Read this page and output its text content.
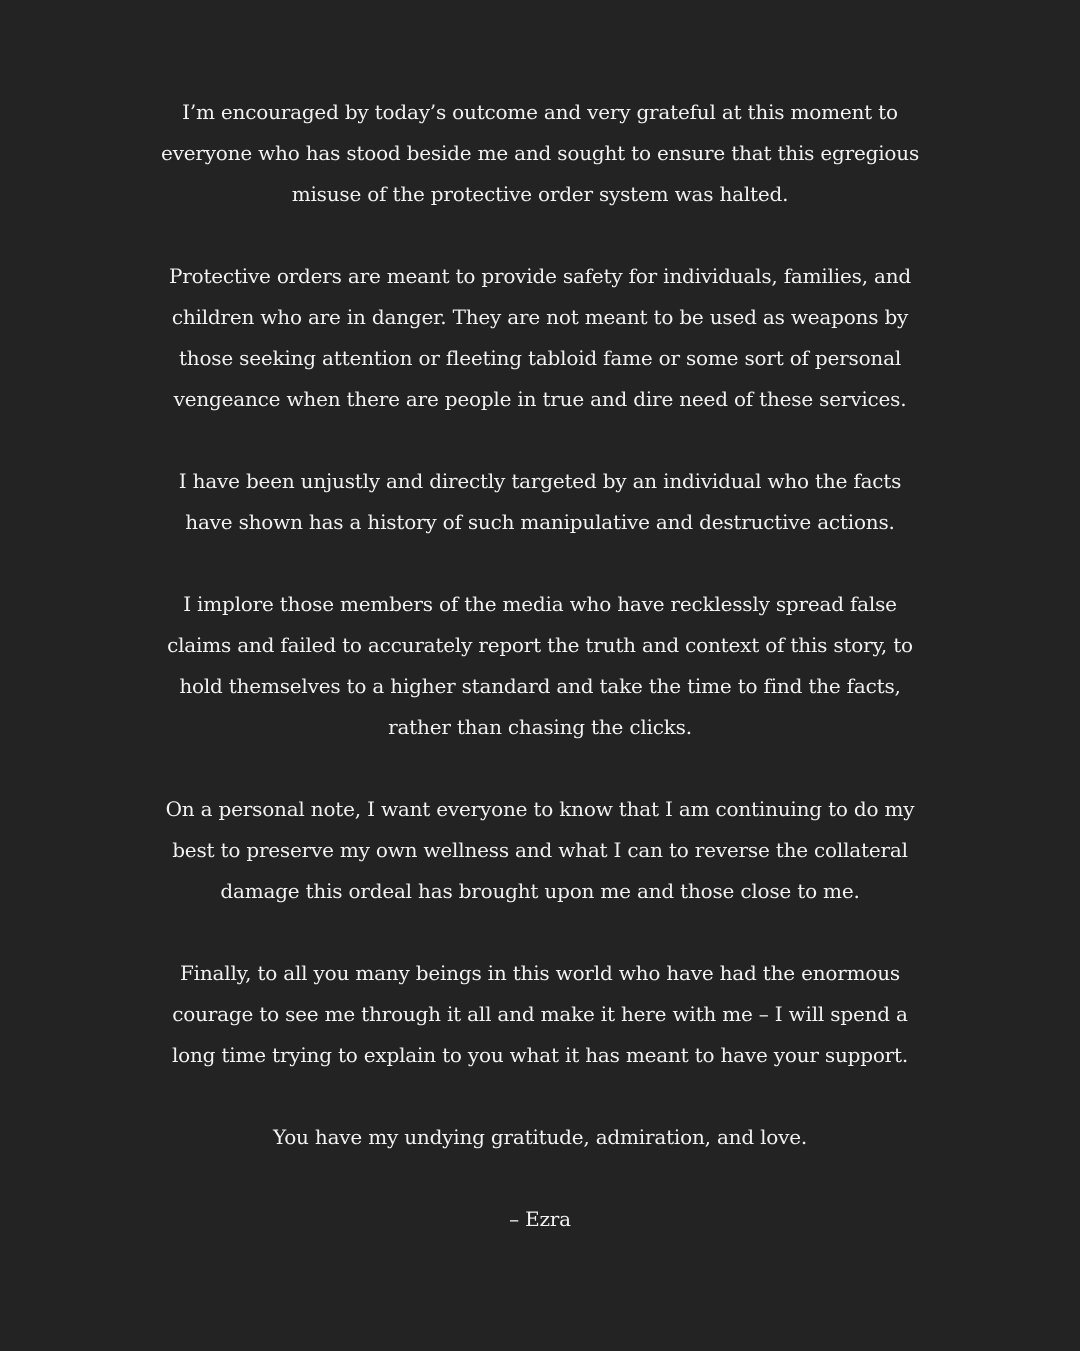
I’m encouraged by today’s outcome and very grateful at this moment to
everyone who has stood beside me and sought to ensure that this egregious
misuse of the protective order system was halted.
Protective orders are meant to provide safety for individuals, families, and
children who are in danger. They are not meant to be used as weapons by
those seeking attention or fleeting tabloid fame or some sort of personal
vengeance when there are people in true and dire need of these services.
I have been unjustly and directly targeted by an individual who the facts
have shown has a history of such manipulative and destructive actions.
I implore those members of the media who have recklessly spread false
claims and failed to accurately report the truth and context of this story, to
hold themselves to a higher standard and take the time to find the facts,
rather than chasing the clicks.
On a personal note, I want everyone to know that I am continuing to do my
best to preserve my own wellness and what I can to reverse the collateral
damage this ordeal has brought upon me and those close to me.
Finally, to all you many beings in this world who have had the enormous
courage to see me through it all and make it here with me – I will spend a
long time trying to explain to you what it has meant to have your support.
You have my undying gratitude, admiration, and love.
– Ezra
